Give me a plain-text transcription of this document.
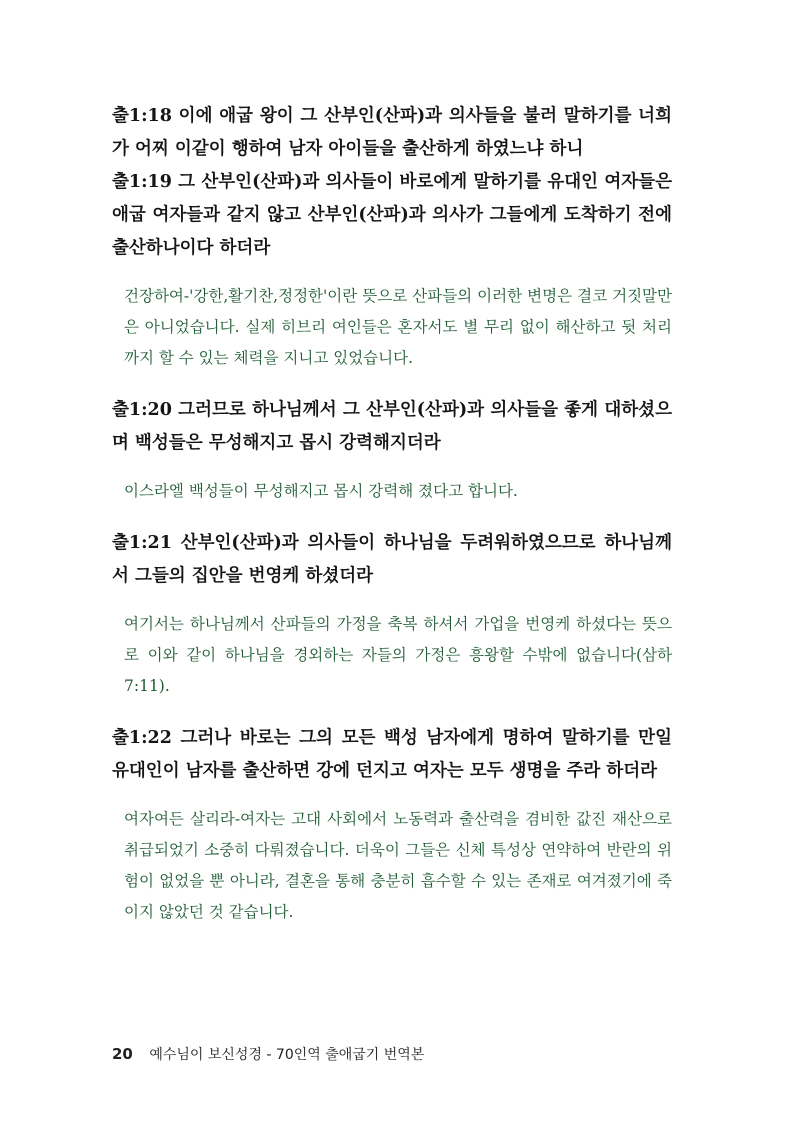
출1:18 이에 애굽 왕이 그 산부인(산파)과 의사들을 불러 말하기를 너희가 어찌 이같이 행하여 남자 아이들을 출산하게 하였느냐 하니

출1:19 그 산부인(산파)과 의사들이 바로에게 말하기를 유대인 여자들은 애굽 여자들과 같지 않고 산부인(산파)과 의사가 그들에게 도착하기 전에 출산하나이다 하더라

건장하여-'강한,활기찬,정정한'이란 뜻으로 산파들의 이러한 변명은 결코 거짓말만은 아니었습니다. 실제 히브리 여인들은 혼자서도 별 무리 없이 해산하고 뒷 처리까지 할 수 있는 체력을 지니고 있었습니다.

출1:20 그러므로 하나님께서 그 산부인(산파)과 의사들을 좋게 대하셨으며 백성들은 무성해지고 몹시 강력해지더라

이스라엘 백성들이 무성해지고 몹시 강력해 졌다고 합니다.

출1:21 산부인(산파)과 의사들이 하나님을 두려워하였으므로 하나님께서 그들의 집안을 번영케 하셨더라

여기서는 하나님께서 산파들의 가정을 축복 하셔서 가업을 번영케 하셨다는 뜻으로 이와 같이 하나님을 경외하는 자들의 가정은 흥왕할 수밖에 없습니다(삼하7:11).

출1:22 그러나 바로는 그의 모든 백성 남자에게 명하여 말하기를 만일 유대인이 남자를 출산하면 강에 던지고 여자는 모두 생명을 주라 하더라

여자여든 살리라-여자는 고대 사회에서 노동력과 출산력을 겸비한 값진 재산으로 취급되었기 소중히 다뤄졌습니다. 더욱이 그들은 신체 특성상 연약하여 반란의 위험이 없었을 뿐 아니라, 결혼을 통해 충분히 흡수할 수 있는 존재로 여겨졌기에 죽이지 않았던 것 같습니다.

20 예수님이 보신성경 - 70인역 출애굽기 번역본
